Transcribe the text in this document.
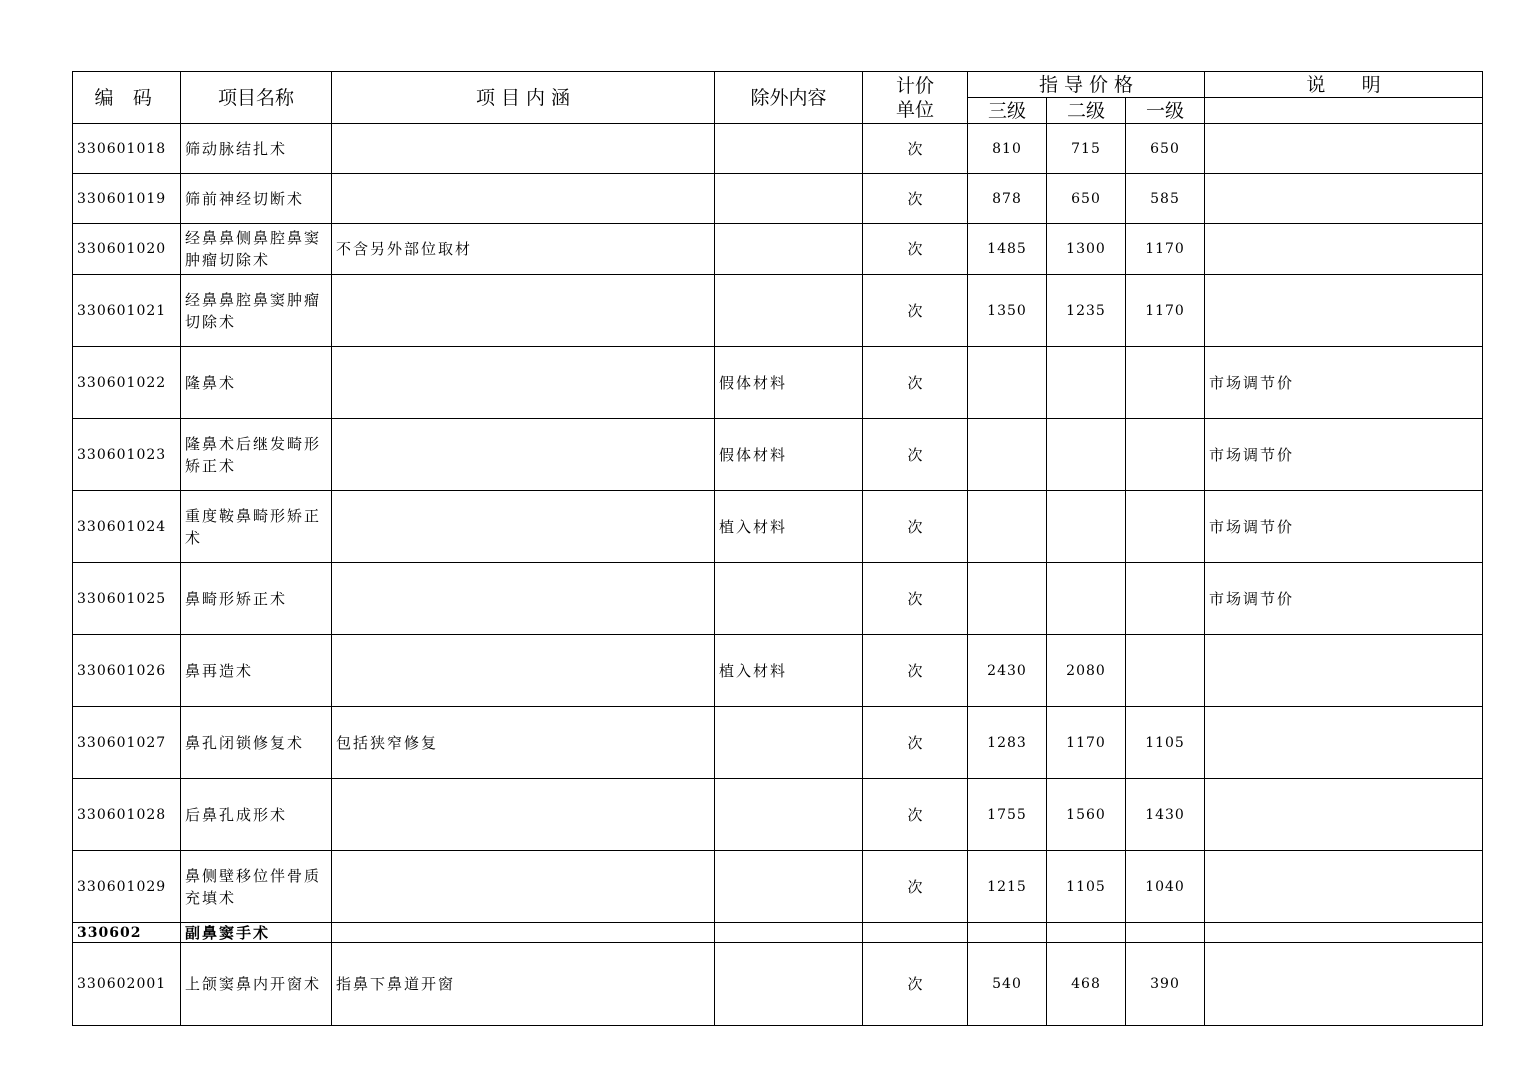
编 码	项目名称	项 目 内 涵	除外内容	计价
单位	指 导 价 格			说      明
					三级	二级	一级	
330601018	筛动脉结扎术			次	810	715	650	
330601019	筛前神经切断术			次	878	650	585	
330601020	经鼻鼻侧鼻腔鼻窦肿瘤切除术	不含另外部位取材		次	1485	1300	1170	
330601021	经鼻鼻腔鼻窦肿瘤切除术			次	1350	1235	1170	
330601022	隆鼻术		假体材料	次				市场调节价
330601023	隆鼻术后继发畸形矫正术		假体材料	次				市场调节价
330601024	重度鞍鼻畸形矫正术		植入材料	次				市场调节价
330601025	鼻畸形矫正术			次				市场调节价
330601026	鼻再造术		植入材料	次	2430	2080		
330601027	鼻孔闭锁修复术	包括狭窄修复		次	1283	1170	1105	
330601028	后鼻孔成形术			次	1755	1560	1430	
330601029	鼻侧壁移位伴骨质充填术			次	1215	1105	1040	
330602	副鼻窦手术							
330602001	上颌窦鼻内开窗术	指鼻下鼻道开窗		次	540	468	390	
